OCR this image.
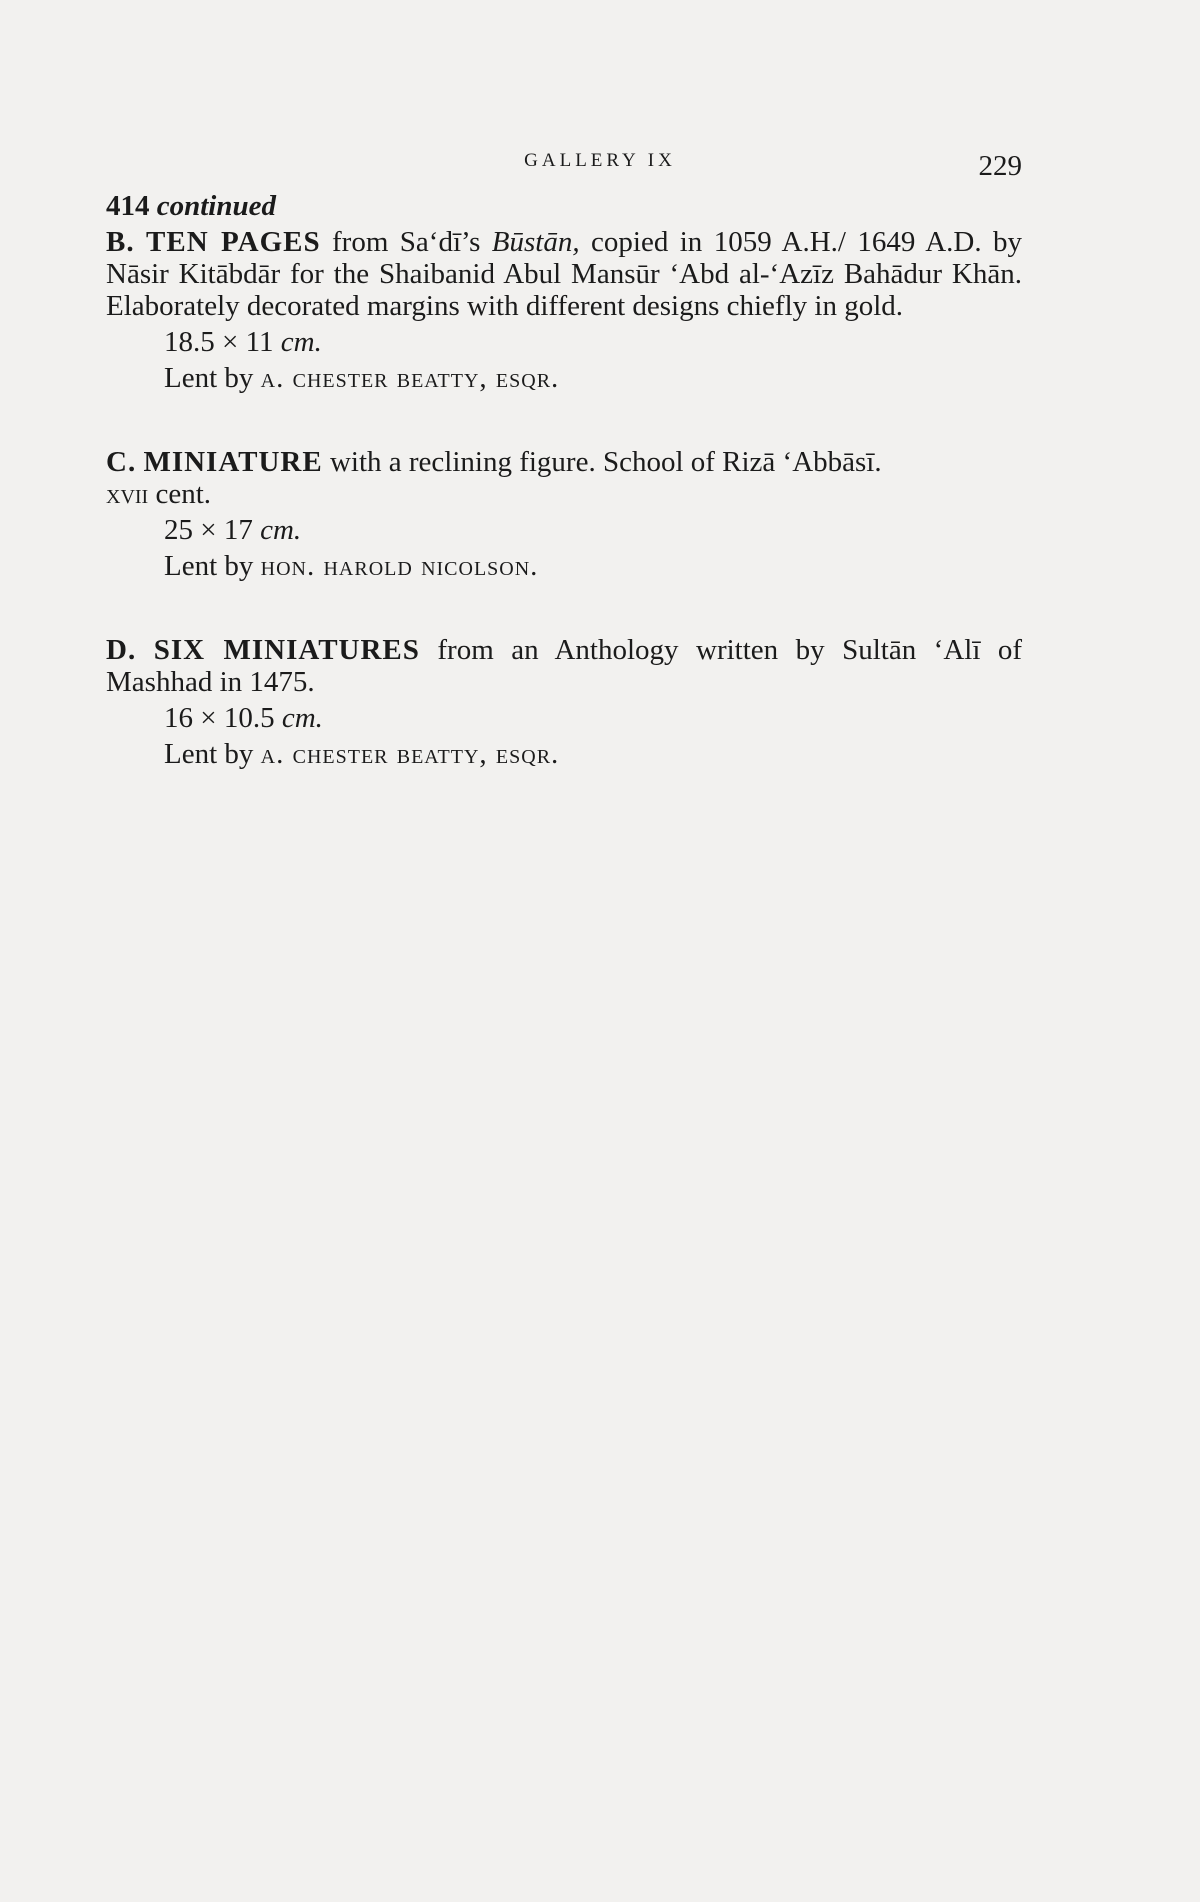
GALLERY IX	229
414 continued
B. TEN PAGES from Sa‘dī’s Būstān, copied in 1059 A.H./ 1649 A.D. by Nāsir Kitābdār for the Shaibanid Abul Mansūr ‘Abd al-‘Azīz Bahādur Khān. Elaborately decorated margins with different designs chiefly in gold.
18.5 × 11 cm.
Lent by a. chester beatty, esqr.
C. MINIATURE with a reclining figure. School of Rizā ‘Abbāsī.
xvii cent.
25 × 17 cm.
Lent by hon. harold nicolson.
D. SIX MINIATURES from an Anthology written by Sultān ‘Alī of Mashhad in 1475.
16 × 10.5 cm.
Lent by a. chester beatty, esqr.
